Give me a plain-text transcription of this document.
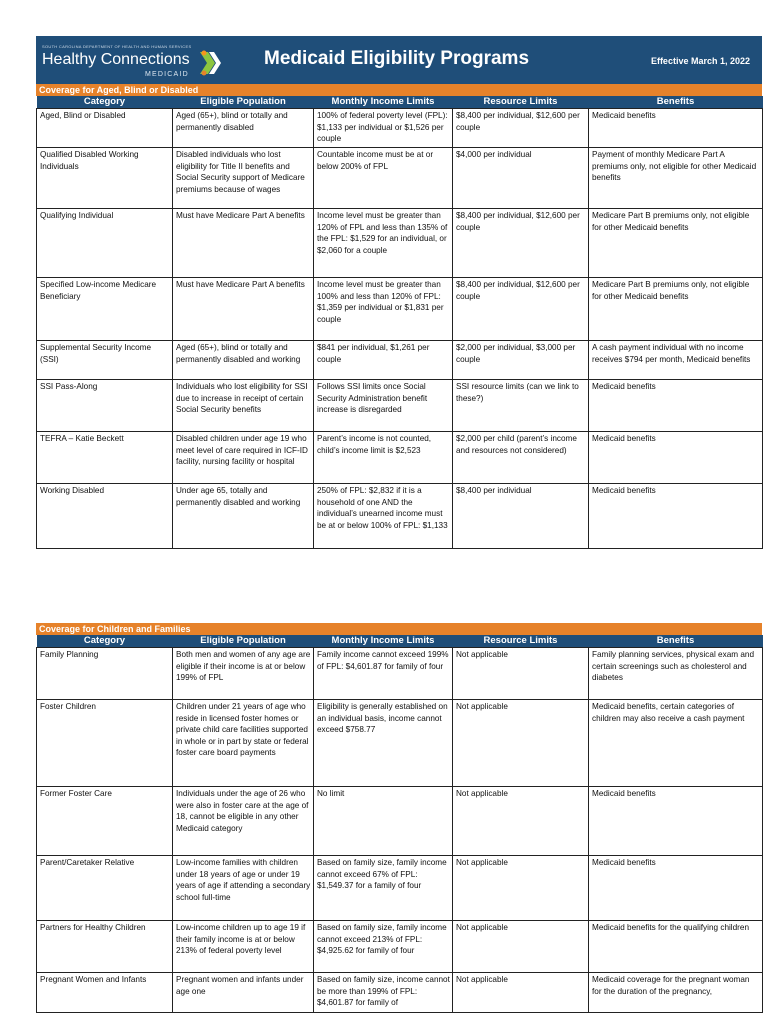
SOUTH CAROLINA DEPARTMENT OF HEALTH AND HUMAN SERVICES
Healthy Connections
MEDICAID
Medicaid Eligibility Programs	Effective March 1, 2022
Coverage for Aged, Blind or Disabled
Category	Eligible Population	Monthly Income Limits	Resource Limits	Benefits
Aged, Blind or Disabled	Aged (65+), blind or totally and permanently disabled	100% of federal poverty level (FPL): $1,133 per individual or $1,526 per couple	$8,400 per individual, $12,600 per couple	Medicaid benefits
Qualified Disabled Working Individuals	Disabled individuals who lost eligibility for Title II benefits and Social Security support of Medicare premiums because of wages	Countable income must be at or below 200% of FPL	$4,000 per individual	Payment of monthly Medicare Part A premiums only, not eligible for other Medicaid benefits
Qualifying Individual	Must have Medicare Part A benefits	Income level must be greater than 120% of FPL and less than 135% of the FPL: $1,529 for an individual, or $2,060 for a couple	$8,400 per individual, $12,600 per couple	Medicare Part B premiums only, not eligible for other Medicaid benefits
Specified Low-income Medicare Beneficiary	Must have Medicare Part A benefits	Income level must be greater than 100% and less than 120% of FPL: $1,359 per individual or $1,831 per couple	$8,400 per individual, $12,600 per couple	Medicare Part B premiums only, not eligible for other Medicaid benefits
Supplemental Security Income (SSI)	Aged (65+), blind or totally and permanently disabled and working	$841 per individual, $1,261 per couple	$2,000 per individual, $3,000 per couple	A cash payment individual with no income receives $794 per month, Medicaid benefits
SSI Pass-Along	Individuals who lost eligibility for SSI due to increase in receipt of certain Social Security benefits	Follows SSI limits once Social Security Administration benefit increase is disregarded	SSI resource limits (can we link to these?)	Medicaid benefits
TEFRA – Katie Beckett	Disabled children under age 19 who meet level of care required in ICF-ID facility, nursing facility or hospital	Parent’s income is not counted, child’s income limit is $2,523	$2,000 per child (parent’s income and resources not considered)	Medicaid benefits
Working Disabled	Under age 65, totally and permanently disabled and working	250% of FPL: $2,832 if it is a household of one AND the individual’s unearned income must be at or below 100% of FPL: $1,133	$8,400 per individual	Medicaid benefits
Coverage for Children and Families
Category	Eligible Population	Monthly Income Limits	Resource Limits	Benefits
Family Planning	Both men and women of any age are eligible if their income is at or below 199% of FPL	Family income cannot exceed 199% of FPL: $4,601.87 for family of four	Not applicable	Family planning services, physical exam and certain screenings such as cholesterol and diabetes
Foster Children	Children under 21 years of age who reside in licensed foster homes or private child care facilities supported in whole or in part by state or federal foster care board payments	Eligibility is generally established on an individual basis, income cannot exceed $758.77	Not applicable	Medicaid benefits, certain categories of children may also receive a cash payment
Former Foster Care	Individuals under the age of 26 who were also in foster care at the age of 18, cannot be eligible in any other Medicaid category	No limit	Not applicable	Medicaid benefits
Parent/Caretaker Relative	Low-income families with children under 18 years of age or under 19 years of age if attending a secondary school full-time	Based on family size, family income cannot exceed 67% of FPL: $1,549.37 for a family of four	Not applicable	Medicaid benefits
Partners for Healthy Children	Low-income children up to age 19 if their family income is at or below 213% of federal poverty level	Based on family size, family income cannot exceed 213% of FPL: $4,925.62 for family of four	Not applicable	Medicaid benefits for the qualifying children
Pregnant Women and Infants	Pregnant women and infants under age one	Based on family size, income cannot be more than 199% of FPL: $4,601.87 for family of	Not applicable	Medicaid coverage for the pregnant woman for the duration of the pregnancy,
